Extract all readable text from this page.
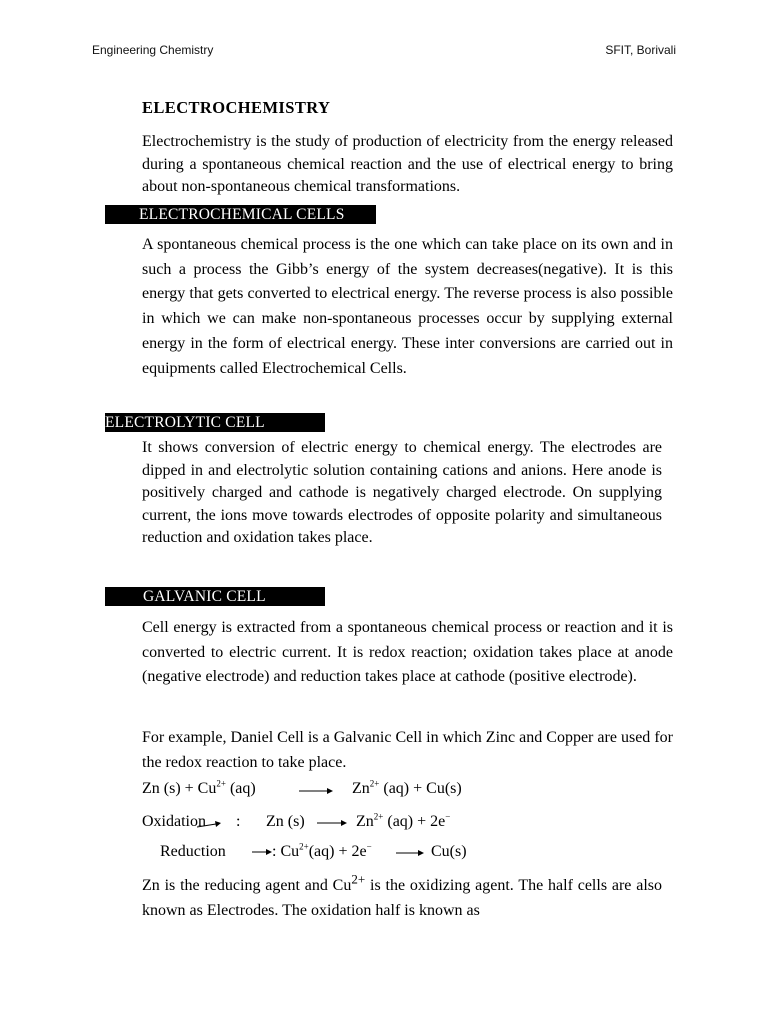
Engineering Chemistry	SFIT, Borivali
ELECTROCHEMISTRY

Electrochemistry is the study of production of electricity from the energy released during a spontaneous chemical reaction and the use of electrical energy to bring about non-spontaneous chemical transformations.

ELECTROCHEMICAL CELLS

A spontaneous chemical process is the one which can take place on its own and in such a process the Gibb’s energy of the system decreases(negative). It is this energy that gets converted to electrical energy. The reverse process is also possible in which we can make non-spontaneous processes occur by supplying external energy in the form of electrical energy. These inter conversions are carried out in equipments called Electrochemical Cells.

ELECTROLYTIC CELL

It shows conversion of electric energy to chemical energy. The electrodes are dipped in and electrolytic solution containing cations and anions. Here anode is positively charged and cathode is negatively charged electrode. On supplying current, the ions move towards electrodes of opposite polarity and simultaneous reduction and oxidation takes place.

GALVANIC CELL

Cell energy is extracted from a spontaneous chemical process or reaction and it is converted to electric current. It is redox reaction; oxidation takes place at anode (negative electrode) and reduction takes place at cathode (positive electrode).

For example, Daniel Cell is a Galvanic Cell in which Zinc and Copper are used for the redox reaction to take place.

Zn $(s) + Cu^{2+}$ (aq)	$Zn^{2+}$ (aq) + Cu(s)
Oxidation : Zn (s)	$Zn^{2+}$ (aq) + 2e−
Reduction	: $Cu^{2+}(aq) + 2e^-$	Cu(s)

Zn is the reducing agent and $Cu^{2+}$ is the oxidizing agent. The half cells are also known as Electrodes. The oxidation half is known as
